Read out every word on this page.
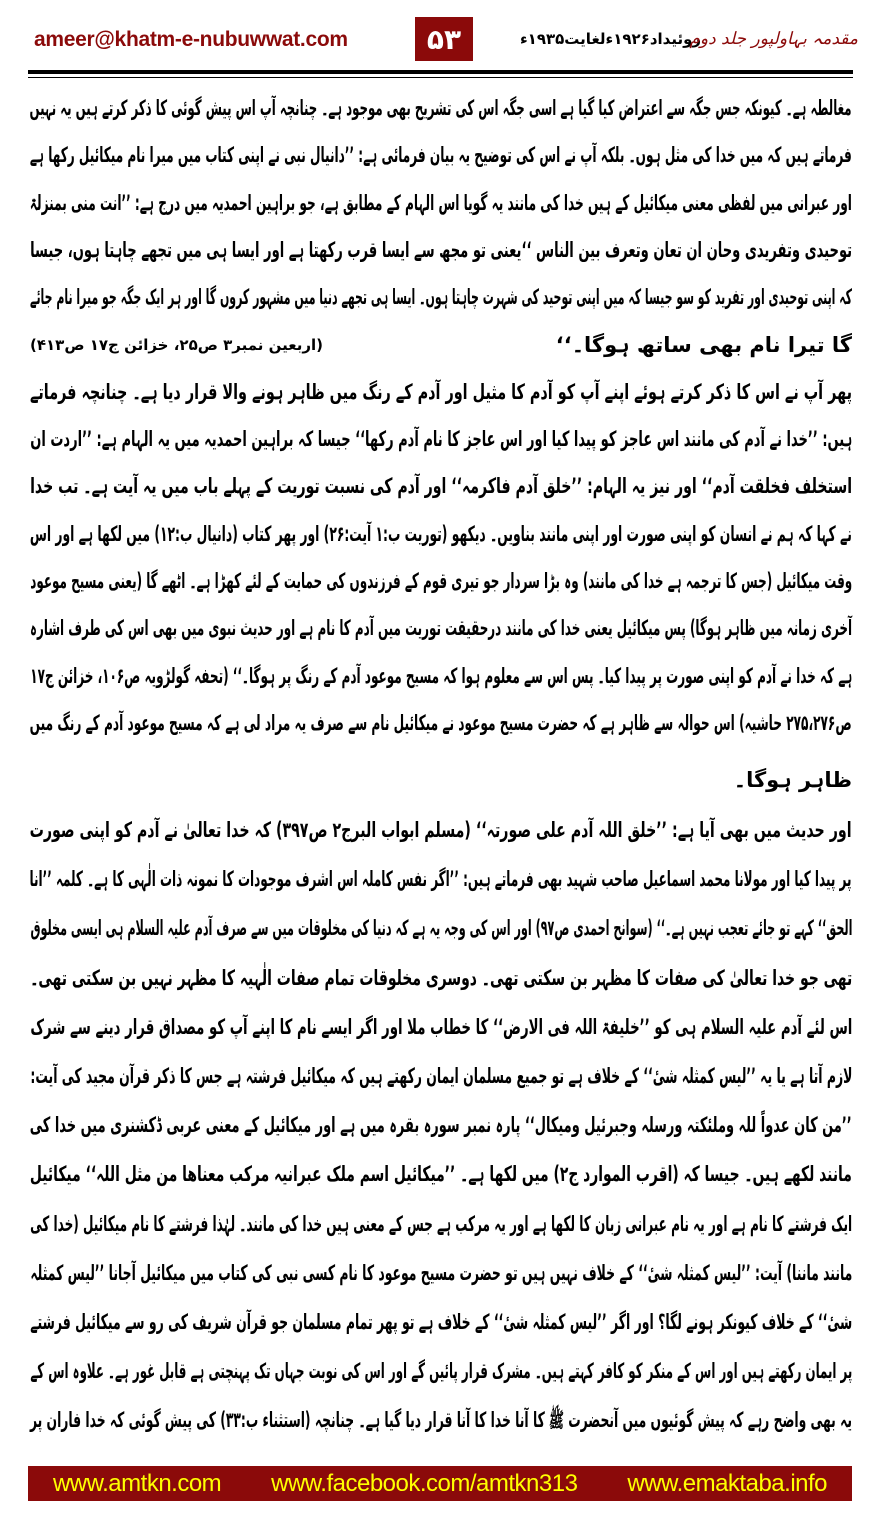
ameer@khatm-e-nubuwwat.com	۵۳	روئیداد۱۹۲۶ءلغایت۱۹۳۵ء
مقدمہ بہاولپور جلد دوم
مغالطہ ہے۔ کیونکہ جس جگہ سے اعتراض کیا گیا ہے اسی جگہ اس کی تشریح بھی موجود ہے۔ چنانچہ آپ اس پیش گوئی کا ذکر کرتے ہیں یہ نہیں
فرماتے ہیں کہ میں خدا کی مثل ہوں۔ بلکہ آپ نے اس کی توضیح یہ بیان فرمائی ہے: ’’دانیال نبی نے اپنی کتاب میں میرا نام میکائیل رکھا ہے
اور عبرانی میں لفظی معنی میکائیل کے ہیں خدا کی مانند یہ گویا اس الہام کے مطابق ہے، جو براہین احمدیہ میں درج ہے: ’’انت منی بمنزلۃ
توحیدی وتفریدی وحان ان تعان وتعرف بین الناس ‘‘یعنی تو مجھ سے ایسا قرب رکھتا ہے اور ایسا ہی میں تجھے چاہتا ہوں، جیسا
کہ اپنی توحیدی اور تفرید کو سو جیسا کہ میں اپنی توحید کی شہرت چاہتا ہوں۔ ایسا ہی تجھے دنیا میں مشہور کروں گا اور ہر ایک جگہ جو میرا نام جائے
گا تیرا نام بھی ساتھ ہوگا۔‘‘
(اربعین نمبر۳ ص۲۵، خزائن ج۱۷ ص۴۱۳)
پھر آپ نے اس کا ذکر کرتے ہوئے اپنے آپ کو آدم کا مثیل اور آدم کے رنگ میں ظاہر ہونے والا قرار دیا ہے۔ چنانچہ فرماتے
ہیں: ’’خدا نے آدم کی مانند اس عاجز کو پیدا کیا اور اس عاجز کا نام آدم رکھا‘‘ جیسا کہ براہین احمدیہ میں یہ الہام ہے: ’’اردت ان
استخلف فخلقت آدم‘‘ اور نیز یہ الہام: ’’خلق آدم فاکرمہ‘‘ اور آدم کی نسبت توریت کے پہلے باب میں یہ آیت ہے۔ تب خدا
نے کہا کہ ہم نے انسان کو اپنی صورت اور اپنی مانند بناویں۔ دیکھو (توریت ب:۱ آیت:۲۶) اور پھر کتاب (دانیال ب:۱۲) میں لکھا ہے اور اس
وقت میکائیل (جس کا ترجمہ ہے خدا کی مانند) وہ بڑا سردار جو تیری قوم کے فرزندوں کی حمایت کے لئے کھڑا ہے۔ اٹھے گا (یعنی مسیح موعود
آخری زمانہ میں ظاہر ہوگا) پس میکائیل یعنی خدا کی مانند درحقیقت توریت میں آدم کا نام ہے اور حدیث نبوی میں بھی اس کی طرف اشارہ
ہے کہ خدا نے آدم کو اپنی صورت پر پیدا کیا۔ پس اس سے معلوم ہوا کہ مسیح موعود آدم کے رنگ پر ہوگا۔‘‘ (تحفہ گولڑویہ ص۱۰۶، خزائن ج۱۷
ص۲۷۵،۲۷۶ حاشیہ) اس حوالہ سے ظاہر ہے کہ حضرت مسیح موعود نے میکائیل نام سے صرف یہ مراد لی ہے کہ مسیح موعود آدم کے رنگ میں
ظاہر ہوگا۔
اور حدیث میں بھی آیا ہے: ’’خلق اللہ آدم علی صورتہ‘‘ (مسلم ابواب البرج۲ ص۳۹۷) کہ خدا تعالیٰ نے آدم کو اپنی صورت
پر پیدا کیا اور مولانا محمد اسماعیل صاحب شہید بھی فرماتے ہیں: ’’اگر نفس کاملہ اس اشرف موجودات کا نمونہ ذات الٰہی کا ہے۔ کلمہ ’’انا
الحق‘‘ کہے تو جائے تعجب نہیں ہے۔‘‘ (سوانح احمدی ص۹۷) اور اس کی وجہ یہ ہے کہ دنیا کی مخلوقات میں سے صرف آدم علیہ السلام ہی ایسی مخلوق
تھی جو خدا تعالیٰ کی صفات کا مظہر بن سکتی تھی۔ دوسری مخلوقات تمام صفات الٰہیہ کا مظہر نہیں بن سکتی تھی۔
اس لئے آدم علیہ السلام ہی کو ’’خلیفۃ اللہ فی الارض‘‘ کا خطاب ملا اور اگر ایسے نام کا اپنے آپ کو مصداق قرار دینے سے شرک
لازم آتا ہے یا یہ ’’لیس کمثلہ شیٔ‘‘ کے خلاف ہے تو جمیع مسلمان ایمان رکھتے ہیں کہ میکائیل فرشتہ ہے جس کا ذکر قرآن مجید کی آیت:
’’من کان عدواً للہ وملئکتہ ورسلہ وجبرئیل ومیکال‘‘ پارہ نمبر سورہ بقرہ میں ہے اور میکائیل کے معنی عربی ڈکشنری میں خدا کی
مانند لکھے ہیں۔ جیسا کہ (اقرب الموارد ج۲) میں لکھا ہے۔ ’’میکائیل اسم ملک عبرانیہ مرکب معناھا من مثل اللہ‘‘ میکائیل
ایک فرشتے کا نام ہے اور یہ نام عبرانی زبان کا لکھا ہے اور یہ مرکب ہے جس کے معنی ہیں خدا کی مانند۔ لہٰذا فرشتے کا نام میکائیل (خدا کی
مانند ماننا) آیت: ’’لیس کمثلہ شیٔ‘‘ کے خلاف نہیں ہیں تو حضرت مسیح موعود کا نام کسی نبی کی کتاب میں میکائیل آجانا ’’لیس کمثلہ
شیٔ‘‘ کے خلاف کیونکر ہونے لگا؟ اور اگر ’’لیس کمثلہ شیٔ‘‘ کے خلاف ہے تو پھر تمام مسلمان جو قرآن شریف کی رو سے میکائیل فرشتے
پر ایمان رکھتے ہیں اور اس کے منکر کو کافر کہتے ہیں۔ مشرک قرار پائیں گے اور اس کی نوبت جہاں تک پہنچتی ہے قابل غور ہے۔ علاوہ اس کے
یہ بھی واضح رہے کہ پیش گوئیوں میں آنحضرت ﷺ کا آنا خدا کا آنا قرار دیا گیا ہے۔ چنانچہ (استثناء ب:۳۳) کی پیش گوئی کہ خدا فاران پر
www.amtkn.com www.facebook.com/amtkn313 www.emaktaba.info
